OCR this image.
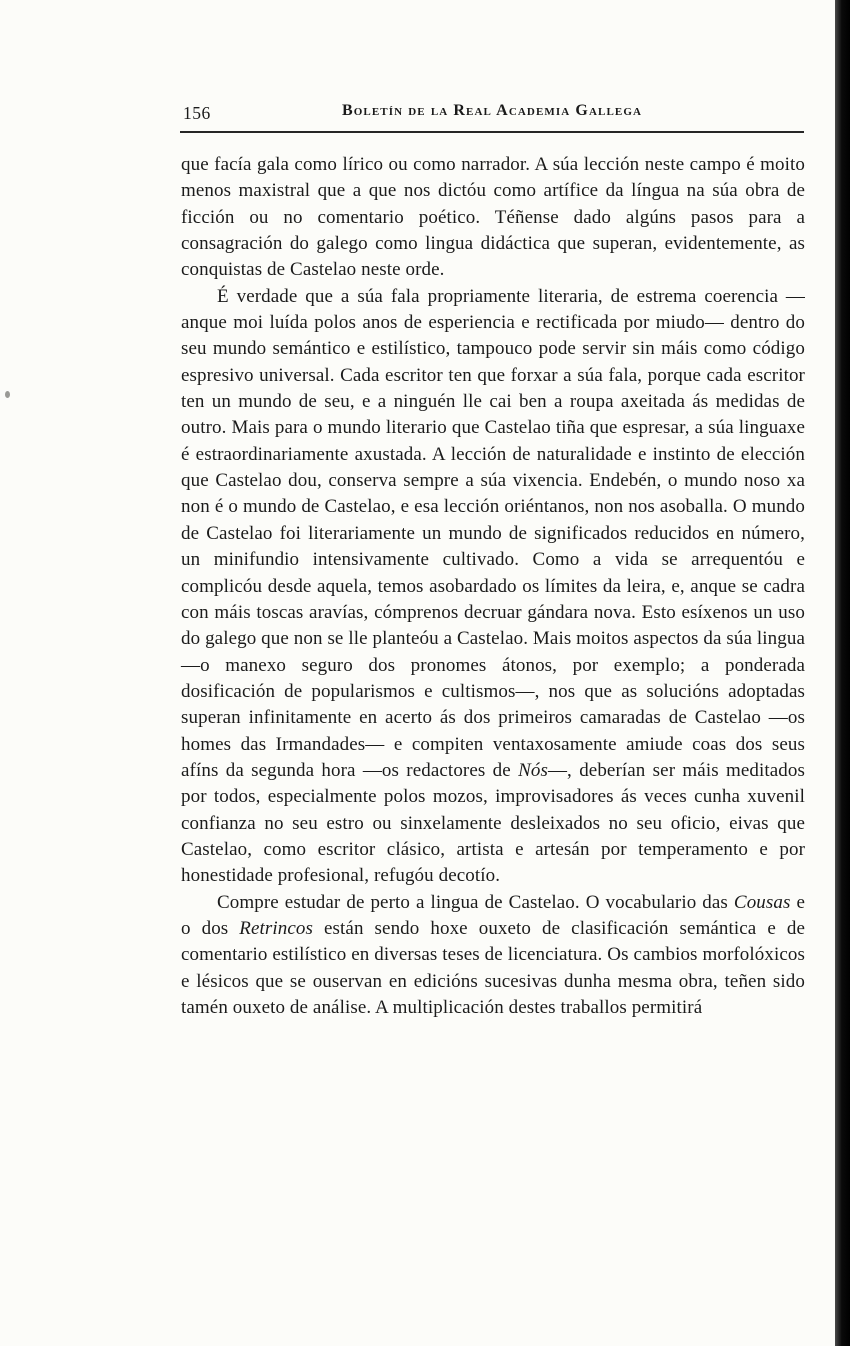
156	Boletín de la Real Academia Gallega

que facía gala como lírico ou como narrador. A súa lección neste campo é moito menos maxistral que a que nos dictóu como artífice da língua na súa obra de ficción ou no comentario poético. Téñense dado algúns pasos para a consagración do galego como lingua didáctica que superan, evidentemente, as conquistas de Castelao neste orde.

É verdade que a súa fala propriamente literaria, de estrema coerencia —anque moi luída polos anos de esperiencia e rectificada por miudo— dentro do seu mundo semántico e estilístico, tampouco pode servir sin máis como código espresivo universal. Cada escritor ten que forxar a súa fala, porque cada escritor ten un mundo de seu, e a ninguén lle cai ben a roupa axeitada ás medidas de outro. Mais para o mundo literario que Castelao tiña que espresar, a súa linguaxe é estraordinariamente axustada. A lección de naturalidade e instinto de elección que Castelao dou, conserva sempre a súa vixencia. Endebén, o mundo noso xa non é o mundo de Castelao, e esa lección oriéntanos, non nos asoballa. O mundo de Castelao foi literariamente un mundo de significados reducidos en número, un minifundio intensivamente cultivado. Como a vida se arrequentóu e complicóu desde aquela, temos asobardado os límites da leira, e, anque se cadra con máis toscas aravías, cómprenos decruar gándara nova. Esto esíxenos un uso do galego que non se lle planteóu a Castelao. Mais moitos aspectos da súa lingua —o manexo seguro dos pronomes átonos, por exemplo; a ponderada dosificación de popularismos e cultismos—, nos que as solucións adoptadas superan infinitamente en acerto ás dos primeiros camaradas de Castelao —os homes das Irmandades— e compiten ventaxosamente amiude coas dos seus afíns da segunda hora —os redactores de Nós—, deberían ser máis meditados por todos, especialmente polos mozos, improvisadores ás veces cunha xuvenil confianza no seu estro ou sinxelamente desleixados no seu oficio, eivas que Castelao, como escritor clásico, artista e artesán por temperamento e por honestidade profesional, refugóu decotío.

Compre estudar de perto a lingua de Castelao. O vocabulario das Cousas e o dos Retrincos están sendo hoxe ouxeto de clasificación semántica e de comentario estilístico en diversas teses de licenciatura. Os cambios morfolóxicos e lésicos que se ouservan en edicións sucesivas dunha mesma obra, teñen sido tamén ouxeto de análise. A multiplicación destes traballos permitirá
